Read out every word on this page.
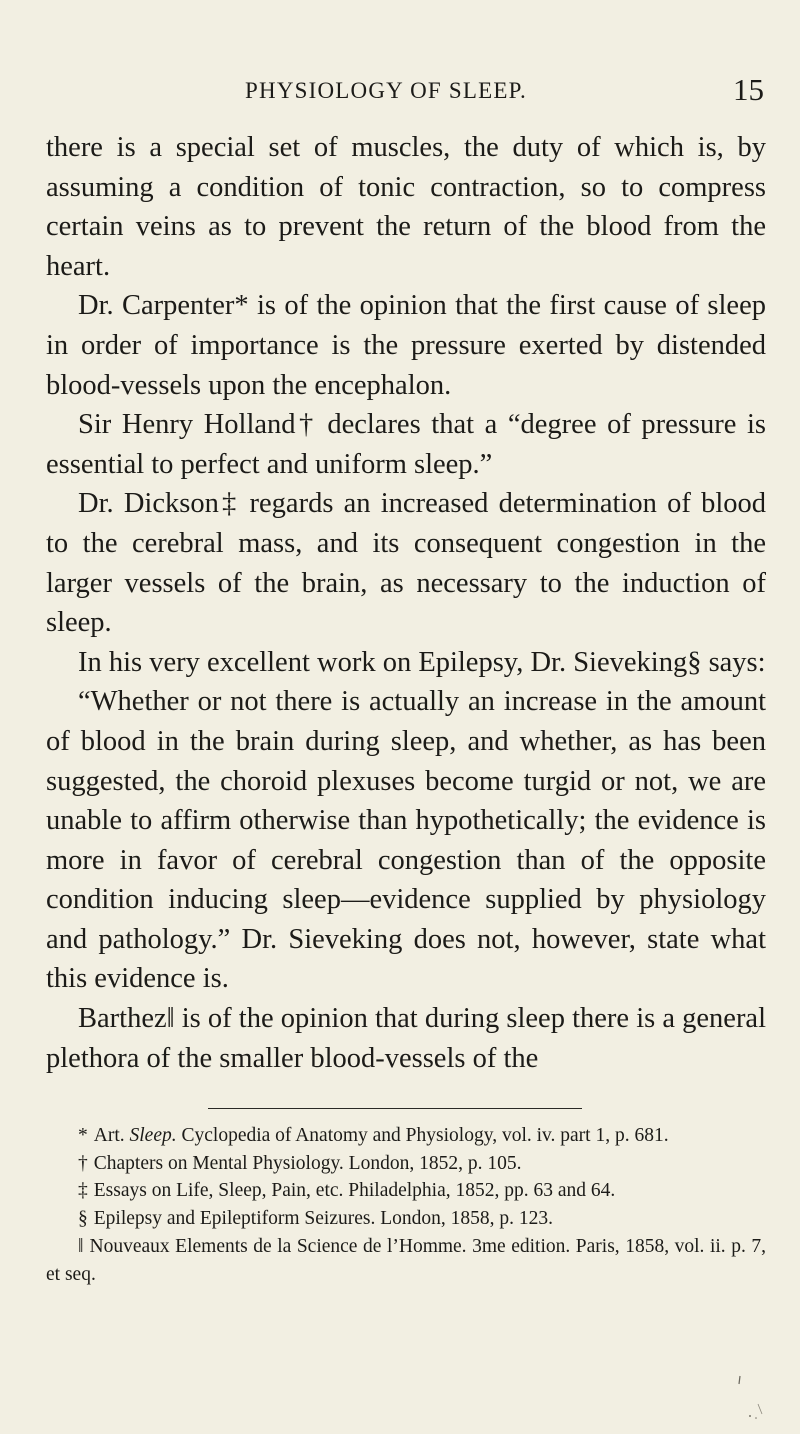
PHYSIOLOGY OF SLEEP.	15

there is a special set of muscles, the duty of which is, by assuming a condition of tonic contraction, so to compress certain veins as to prevent the return of the blood from the heart.

Dr. Carpenter* is of the opinion that the first cause of sleep in order of importance is the pressure exerted by distended blood-vessels upon the encephalon.

Sir Henry Holland† declares that a “degree of pressure is essential to perfect and uniform sleep.”

Dr. Dickson‡ regards an increased determination of blood to the cerebral mass, and its consequent congestion in the larger vessels of the brain, as necessary to the induction of sleep.

In his very excellent work on Epilepsy, Dr. Sieveking§ says:

“Whether or not there is actually an increase in the amount of blood in the brain during sleep, and whether, as has been suggested, the choroid plexuses become turgid or not, we are unable to affirm otherwise than hypothetically; the evidence is more in favor of cerebral congestion than of the opposite condition inducing sleep—evidence supplied by physiology and pathology.” Dr. Sieveking does not, however, state what this evidence is.

Barthez‖ is of the opinion that during sleep there is a general plethora of the smaller blood-vessels of the

* Art. Sleep. Cyclopedia of Anatomy and Physiology, vol. iv. part 1, p. 681.

† Chapters on Mental Physiology. London, 1852, p. 105.

‡ Essays on Life, Sleep, Pain, etc. Philadelphia, 1852, pp. 63 and 64.

§ Epilepsy and Epileptiform Seizures. London, 1858, p. 123.

‖ Nouveaux Elements de la Science de l’Homme. 3me edition. Paris, 1858, vol. ii. p. 7, et seq.
